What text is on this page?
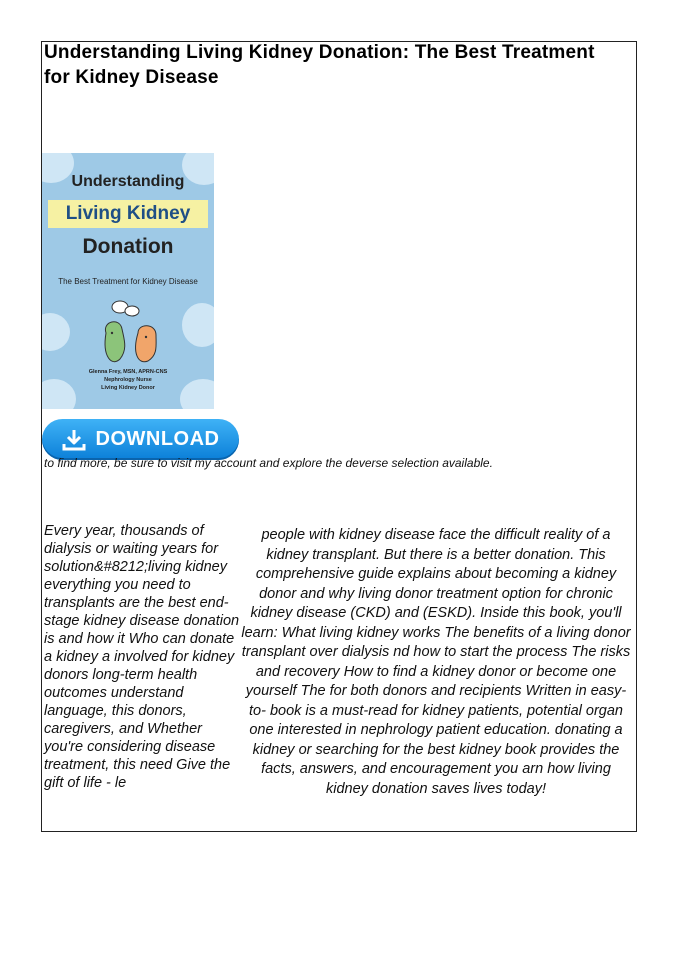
Understanding Living Kidney Donation: The Best Treatment for Kidney Disease
Understanding
Living Kidney
Donation
The Best Treatment for Kidney Disease
Glenna Frey, MSN, APRN-CNS
Nephrology Nurse
Living Kidney Donor
DOWNLOAD
to find more, be sure to visit my account and explore the deverse selection available.
Every year, thousands of dialysis or waiting years for solution&#8212;living kidney everything you need to transplants are the best end-stage kidney disease donation is and how it Who can donate a kidney a involved for kidney donors long-term health outcomes understand language, this donors, caregivers, and Whether you're considering disease treatment, this need Give the gift of life - le
people with kidney disease face the difficult reality of a kidney transplant. But there is a better donation. This comprehensive guide explains about becoming a kidney donor and why living donor treatment option for chronic kidney disease (CKD) and (ESKD). Inside this book, you'll learn: What living kidney works The benefits of a living donor transplant over dialysis nd how to start the process The risks and recovery How to find a kidney donor or become one yourself The for both donors and recipients Written in easy-to- book is a must-read for kidney patients, potential organ one interested in nephrology patient education. donating a kidney or searching for the best kidney book provides the facts, answers, and encouragement you arn how living kidney donation saves lives today!
